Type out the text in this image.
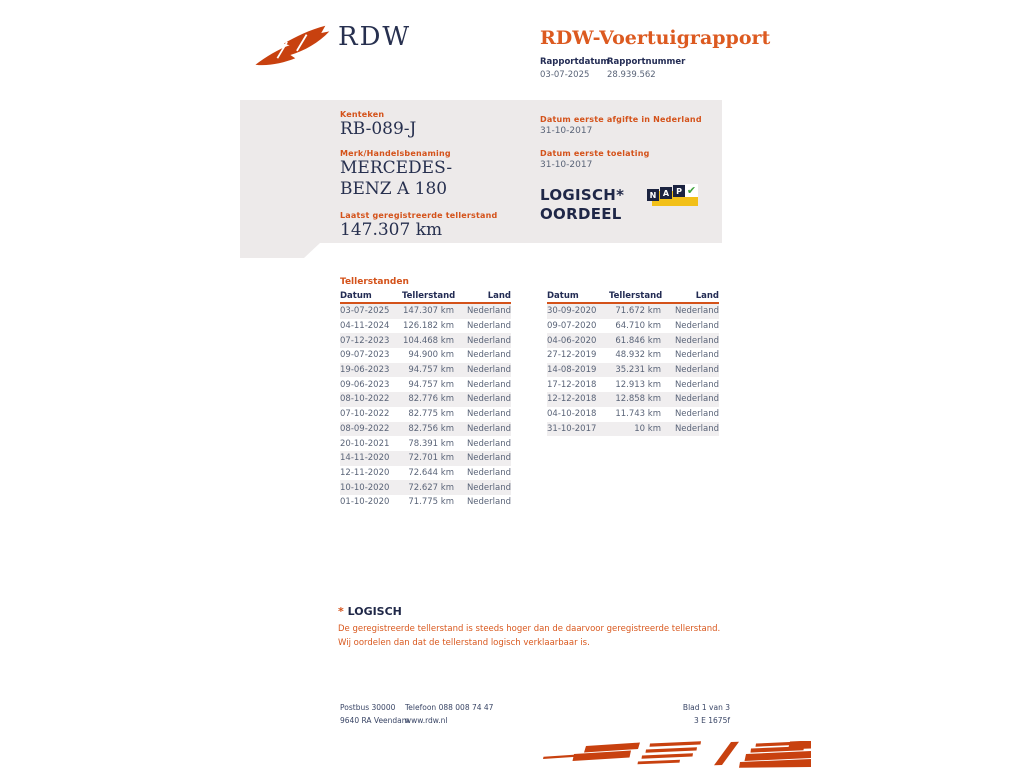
RDW	RDW-Voertuigrapport
Rapportdatum
03-07-2025
Rapportnummer
28.939.562
Kenteken
RB-089-J
Merk/Handelsbenaming
MERCEDES-BENZ A 180
Laatst geregistreerde tellerstand
147.307 km
Datum eerste afgifte in Nederland
31-10-2017
Datum eerste toelating
31-10-2017
LOGISCH*
OORDEEL
N A P ✔
Tellerstanden
Datum	Tellerstand	Land
03-07-2025	147.307 km	Nederland
04-11-2024	126.182 km	Nederland
07-12-2023	104.468 km	Nederland
09-07-2023	94.900 km	Nederland
19-06-2023	94.757 km	Nederland
09-06-2023	94.757 km	Nederland
08-10-2022	82.776 km	Nederland
07-10-2022	82.775 km	Nederland
08-09-2022	82.756 km	Nederland
20-10-2021	78.391 km	Nederland
14-11-2020	72.701 km	Nederland
12-11-2020	72.644 km	Nederland
10-10-2020	72.627 km	Nederland
01-10-2020	71.775 km	Nederland
Datum	Tellerstand	Land
30-09-2020	71.672 km	Nederland
09-07-2020	64.710 km	Nederland
04-06-2020	61.846 km	Nederland
27-12-2019	48.932 km	Nederland
14-08-2019	35.231 km	Nederland
17-12-2018	12.913 km	Nederland
12-12-2018	12.858 km	Nederland
04-10-2018	11.743 km	Nederland
31-10-2017	10 km	Nederland
* LOGISCH
De geregistreerde tellerstand is steeds hoger dan de daarvoor geregistreerde tellerstand. Wij oordelen dan dat de tellerstand logisch verklaarbaar is.
Postbus 30000
9640 RA Veendam
Telefoon 088 008 74 47
www.rdw.nl
Blad 1 van 3
3 E 1675f
